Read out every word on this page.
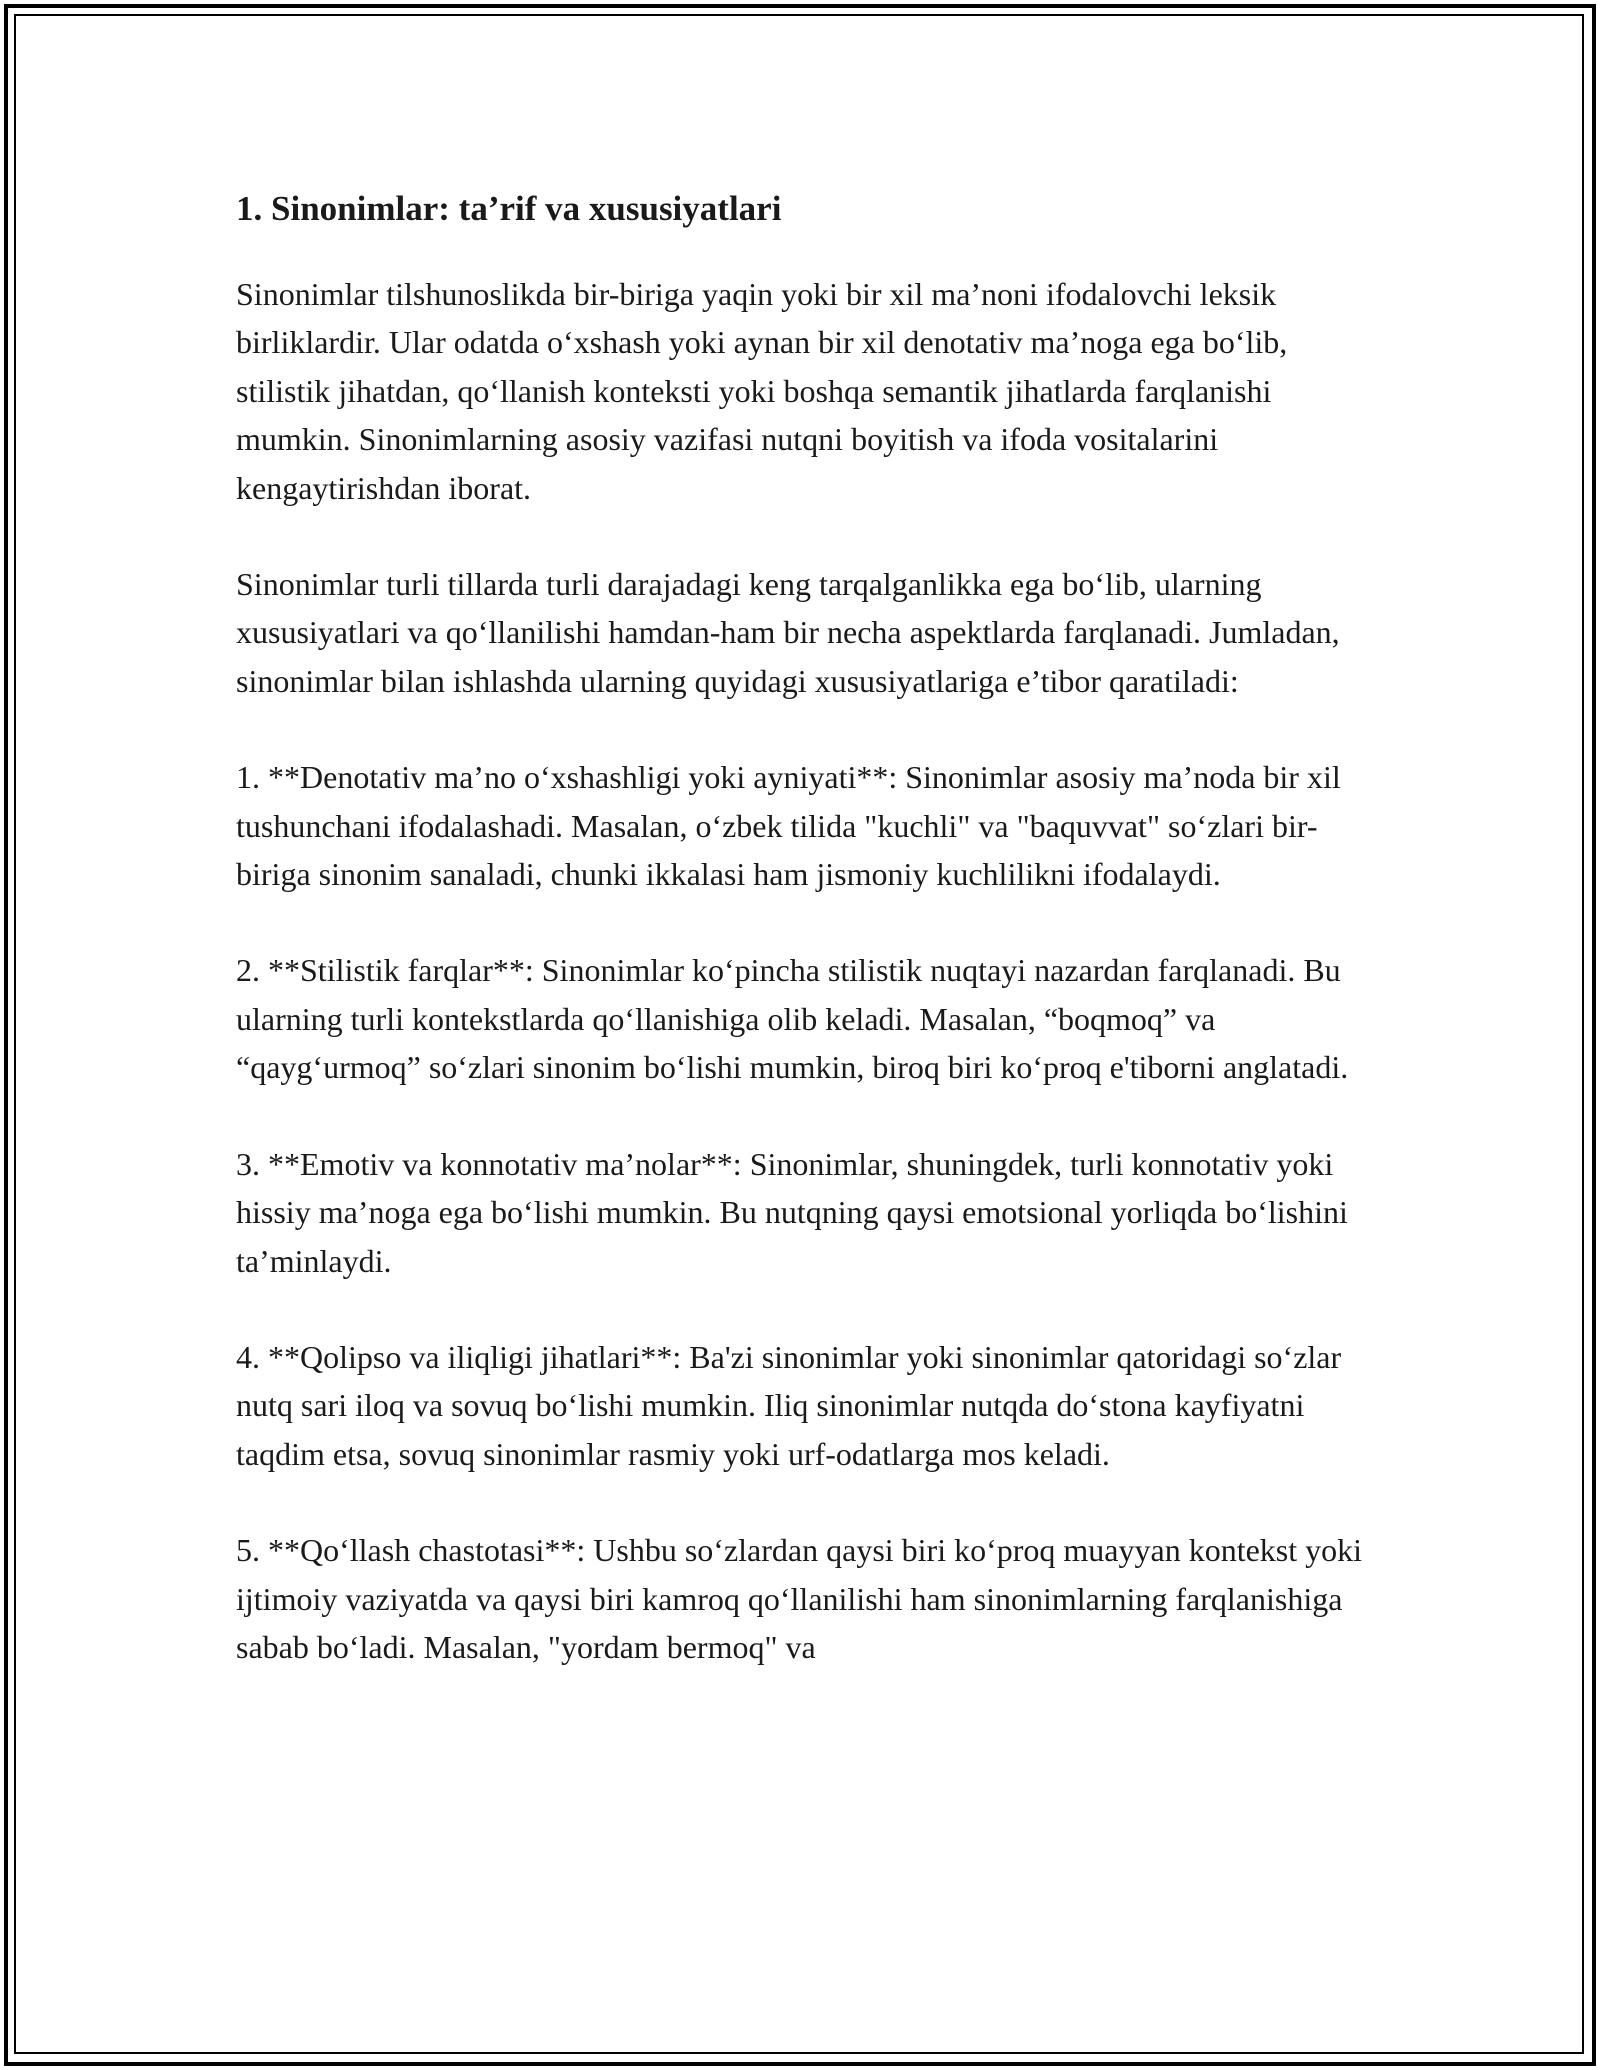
1. Sinonimlar: ta’rif va xususiyatlari

Sinonimlar tilshunoslikda bir-biriga yaqin yoki bir xil ma’noni ifodalovchi leksik birliklardir. Ular odatda o‘xshash yoki aynan bir xil denotativ ma’noga ega bo‘lib, stilistik jihatdan, qo‘llanish konteksti yoki boshqa semantik jihatlarda farqlanishi mumkin. Sinonimlarning asosiy vazifasi nutqni boyitish va ifoda vositalarini kengaytirishdan iborat.

Sinonimlar turli tillarda turli darajadagi keng tarqalganlikka ega bo‘lib, ularning xususiyatlari va qo‘llanilishi hamdan-ham bir necha aspektlarda farqlanadi. Jumladan, sinonimlar bilan ishlashda ularning quyidagi xususiyatlariga e’tibor qaratiladi:

1. **Denotativ ma’no o‘xshashligi yoki ayniyati**: Sinonimlar asosiy ma’noda bir xil tushunchani ifodalashadi. Masalan, o‘zbek tilida "kuchli" va "baquvvat" so‘zlari bir-biriga sinonim sanaladi, chunki ikkalasi ham jismoniy kuchlilikni ifodalaydi.

2. **Stilistik farqlar**: Sinonimlar ko‘pincha stilistik nuqtayi nazardan farqlanadi. Bu ularning turli kontekstlarda qo‘llanishiga olib keladi. Masalan, “boqmoq” va “qayg‘urmoq” so‘zlari sinonim bo‘lishi mumkin, biroq biri ko‘proq e'tiborni anglatadi.

3. **Emotiv va konnotativ ma’nolar**: Sinonimlar, shuningdek, turli konnotativ yoki hissiy ma’noga ega bo‘lishi mumkin. Bu nutqning qaysi emotsional yorliqda bo‘lishini ta’minlaydi.

4. **Qolipso va iliqligi jihatlari**: Ba'zi sinonimlar yoki sinonimlar qatoridagi so‘zlar nutq sari iloq va sovuq bo‘lishi mumkin. Iliq sinonimlar nutqda do‘stona kayfiyatni taqdim etsa, sovuq sinonimlar rasmiy yoki urf-odatlarga mos keladi.

5. **Qo‘llash chastotasi**: Ushbu so‘zlardan qaysi biri ko‘proq muayyan kontekst yoki ijtimoiy vaziyatda va qaysi biri kamroq qo‘llanilishi ham sinonimlarning farqlanishiga sabab bo‘ladi. Masalan, "yordam bermoq" va
